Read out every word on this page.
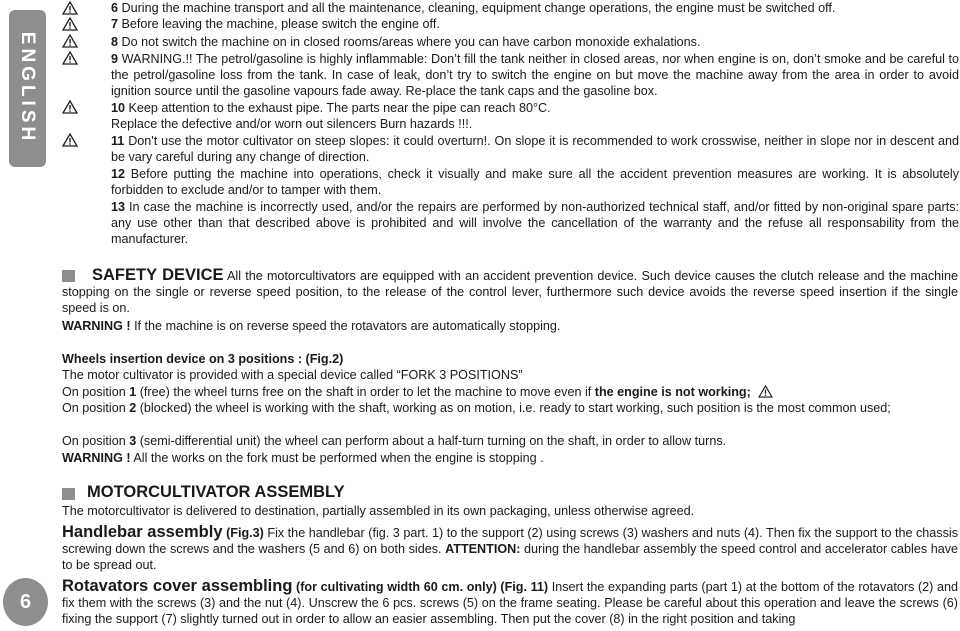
ENGLISH
6
6 During the machine transport and all the maintenance, cleaning, equipment change operations, the engine must be switched off.
7 Before leaving the machine, please switch the engine off.
8 Do not switch the machine on in closed rooms/areas where you can have carbon monoxide exhalations.
9 WARNING.!! The petrol/gasoline is highly inflammable: Don’t fill the tank neither in closed areas, nor when engine is on, don’t smoke and be careful to the petrol/gasoline loss from the tank. In case of leak, don’t try to switch the engine on but move the machine away from the area in order to avoid ignition source until the gasoline vapours fade away. Re-place the tank caps and the gasoline box.
10 Keep attention to the exhaust pipe. The parts near the pipe can reach 80°C.
Replace the defective and/or worn out silencers Burn hazards !!!.
11 Don't use the motor cultivator on steep slopes: it could overturn!. On slope it is recommended to work crosswise, neither in slope nor in descent and be vary careful during any change of direction.
12 Before putting the machine into operations, check it visually and make sure all the accident prevention measures are working. It is absolutely forbidden to exclude and/or to tamper with them.
13 In case the machine is incorrectly used, and/or the repairs are performed by non-authorized technical staff, and/or fitted by non-original spare parts: any use other than that described above is prohibited and will involve the cancellation of the warranty and the refuse all responsability from the manufacturer.
SAFETY DEVICE All the motorcultivators are equipped with an accident prevention device. Such device causes the clutch release and the machine stopping on the single or reverse speed position, to the release of the control lever, furthermore such device avoids the reverse speed insertion if the single speed is on.
WARNING ! If the machine is on reverse speed the rotavators are automatically stopping.
Wheels insertion device on 3 positions : (Fig.2)
The motor cultivator is provided with a special device called “FORK 3 POSITIONS”
On position 1 (free) the wheel turns free on the shaft in order to let the machine to move even if the engine is not working;
On position 2 (blocked) the wheel is working with the shaft, working as on motion, i.e. ready to start working, such position is the most common used;
On position 3 (semi-differential unit) the wheel can perform about a half-turn turning on the shaft, in order to allow turns.
WARNING ! All the works on the fork must be performed when the engine is stopping .
MOTORCULTIVATOR ASSEMBLY
The motorcultivator is delivered to destination, partially assembled in its own packaging, unless otherwise agreed.
Handlebar assembly (Fig.3) Fix the handlebar (fig. 3 part. 1) to the support (2) using screws (3) washers and nuts (4). Then fix the support to the chassis screwing down the screws and the washers (5 and 6) on both sides. ATTENTION: during the handlebar assembly the speed control and accelerator cables have to be spread out.
Rotavators cover assembling (for cultivating width 60 cm. only) (Fig. 11) Insert the expanding parts (part 1) at the bottom of the rotavators (2) and fix them with the screws (3) and the nut (4). Unscrew the 6 pcs. screws (5) on the frame seating. Please be careful about this operation and leave the screws (6) fixing the support (7) slightly turned out in order to allow an easier assembling. Then put the cover (8) in the right position and taking
